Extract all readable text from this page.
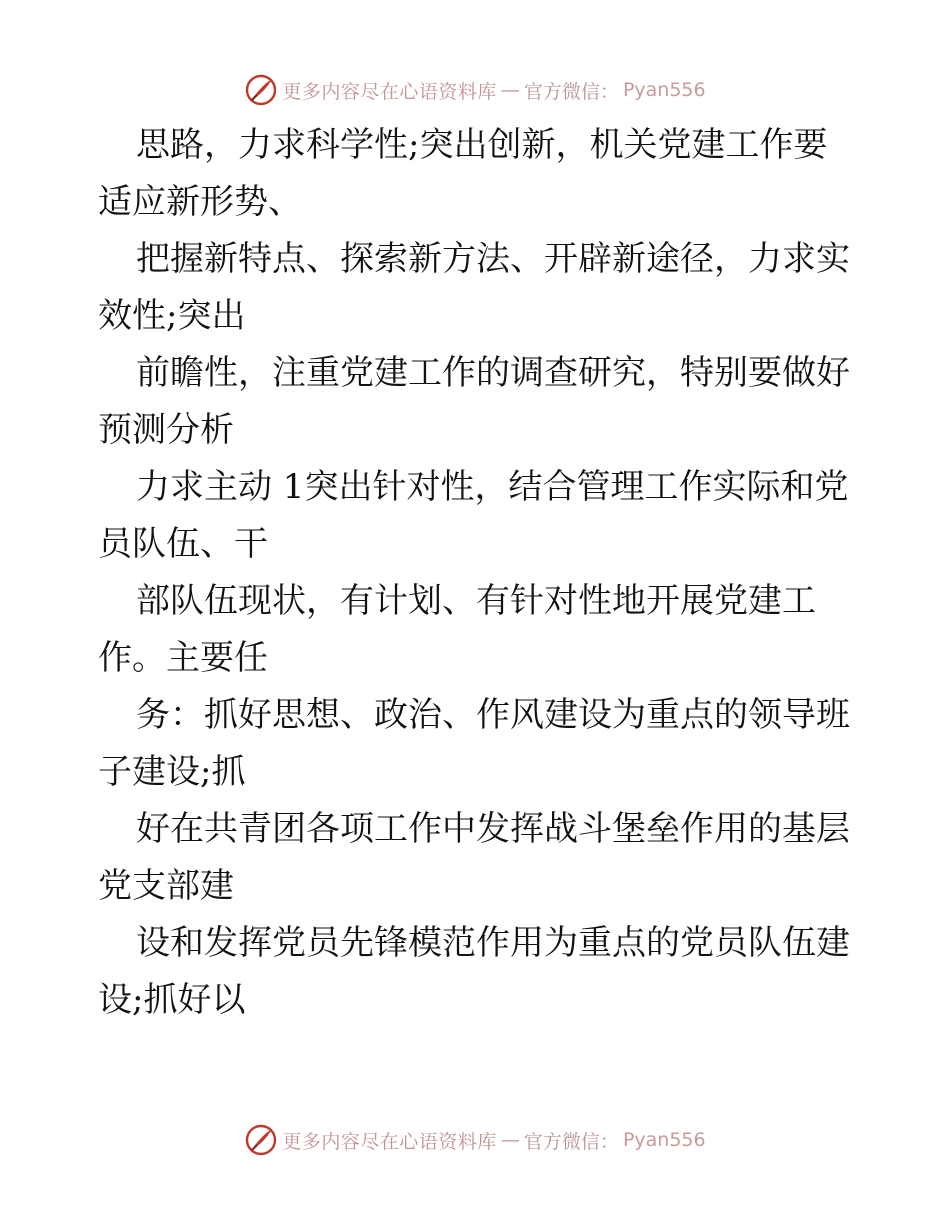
更多内容尽在心语资料库 — 官方微信： Pyan556

思路，力求科学性;突出创新，机关党建工作要适应新形势、

把握新特点、探索新方法、开辟新途径，力求实效性;突出

前瞻性，注重党建工作的调查研究，特别要做好预测分析

力求主动 1突出针对性，结合管理工作实际和党员队伍、干

部队伍现状，有计划、有针对性地开展党建工作。主要任

务：抓好思想、政治、作风建设为重点的领导班子建设;抓

好在共青团各项工作中发挥战斗堡垒作用的基层党支部建

设和发挥党员先锋模范作用为重点的党员队伍建设;抓好以

更多内容尽在心语资料库 — 官方微信： Pyan556
